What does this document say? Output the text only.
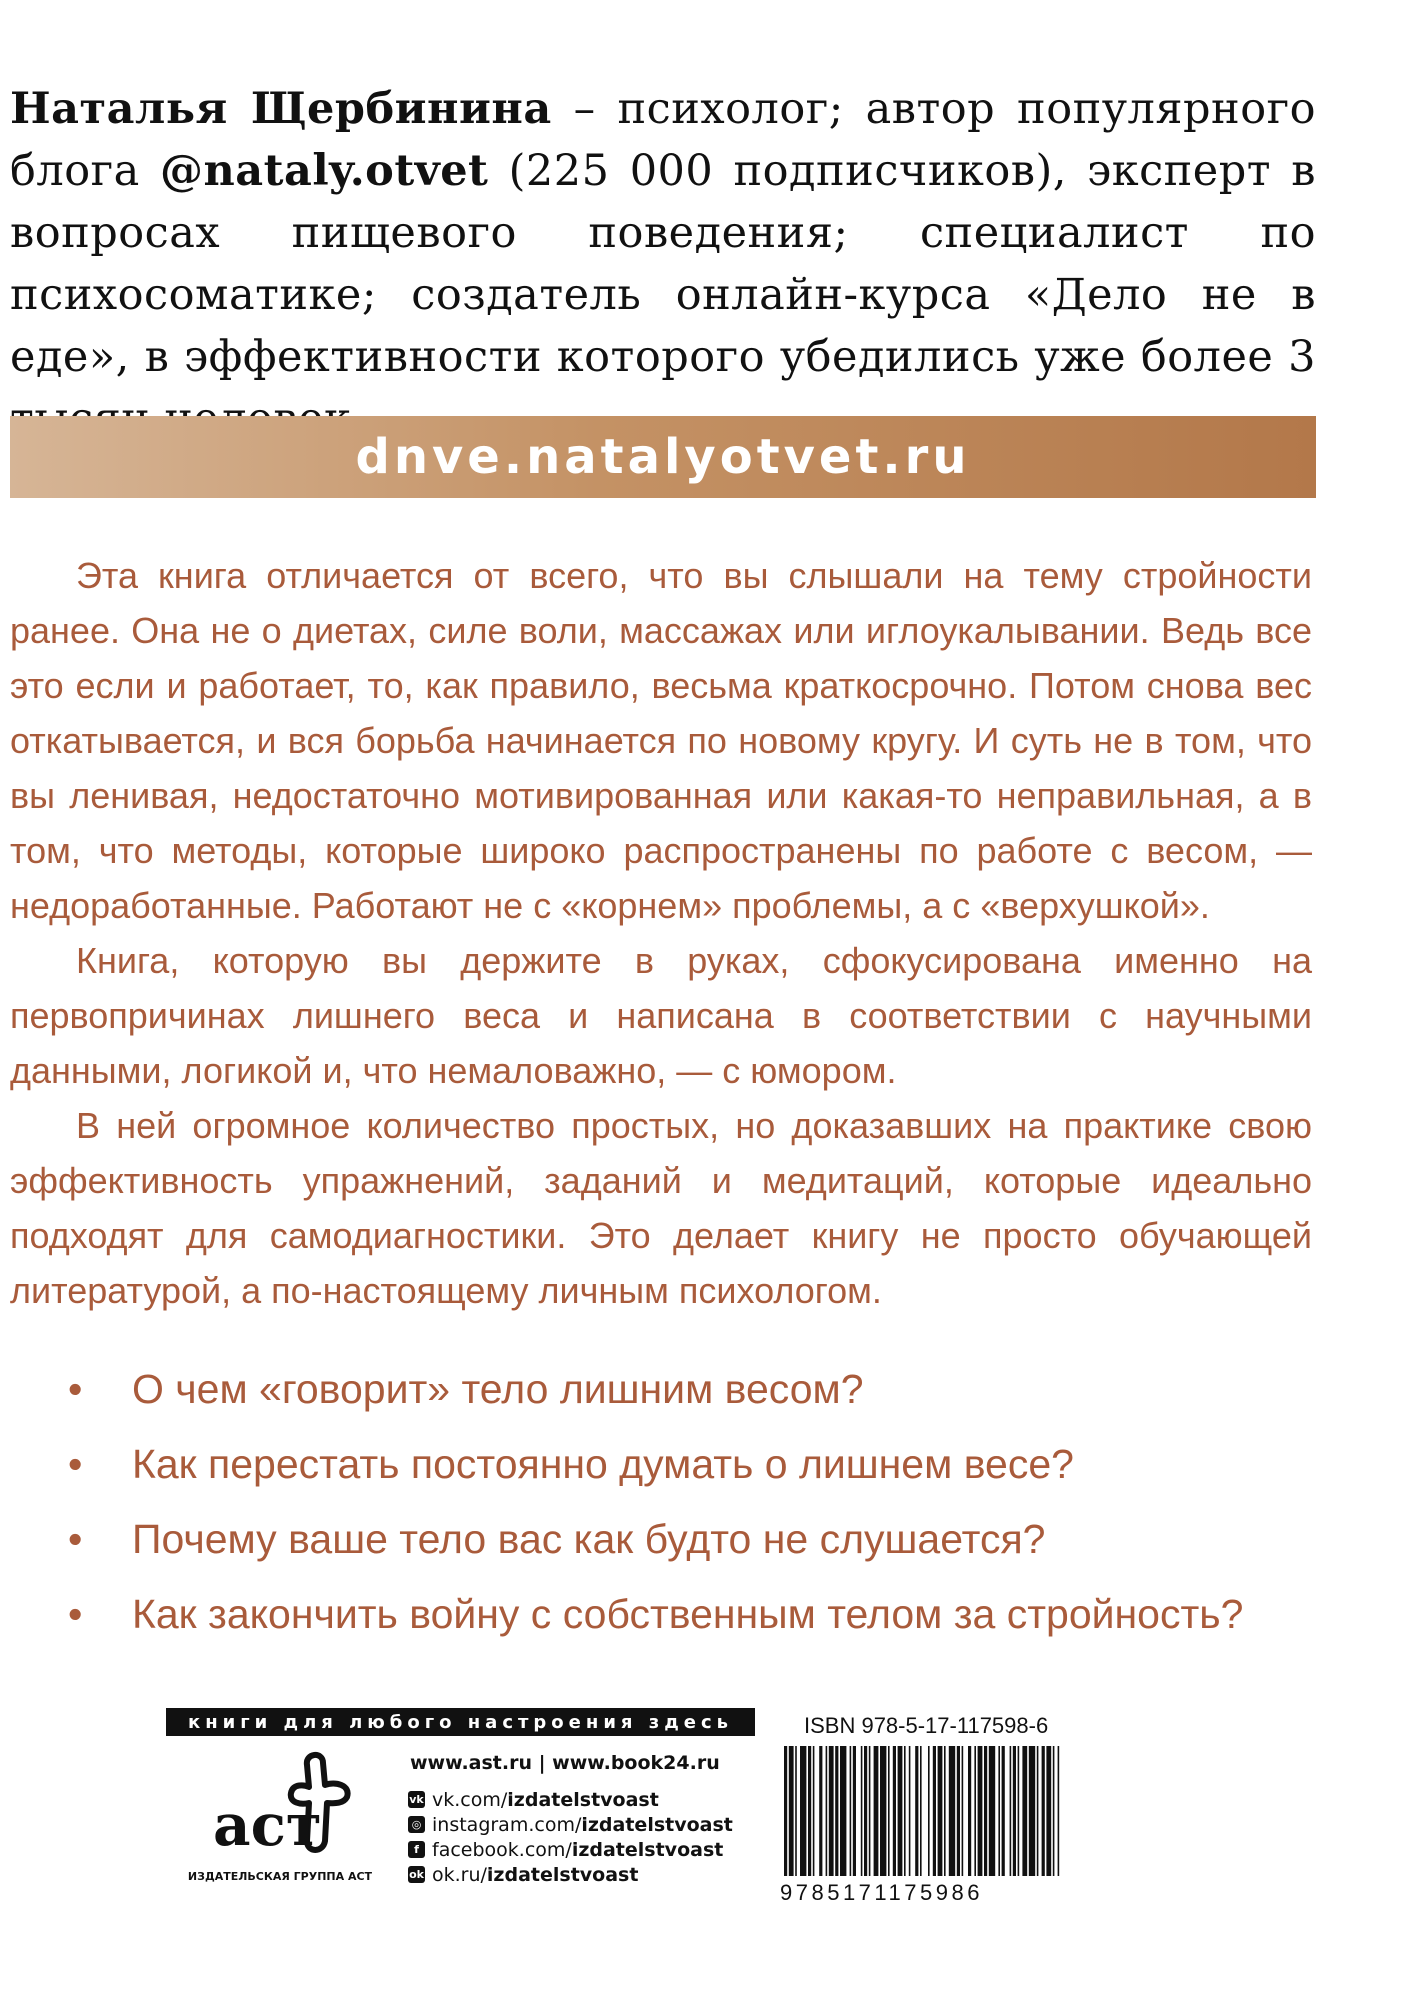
Наталья Щербинина – психолог; автор популярного блога @nataly.otvet (225 000 подписчиков), эксперт в вопросах пищевого поведения; специалист по психосоматике; создатель онлайн-курса «Дело не в еде», в эффективности которого убедились уже более 3
dnve.natalyotvet.ru

Эта книга отличается от всего, что вы слышали на тему стройности ранее. Она не о диетах, силе воли, массажах или иглоукалывании. Ведь все это если и работает, то, как правило, весьма краткосрочно. Потом снова вес откатывается, и вся борьба начинается по новому кругу. И суть не в том, что вы ленивая, недостаточно мотивированная или какая-то неправильная, а в том, что методы, которые широко распространены по работе с весом, — недоработанные. Работают не с «корнем» проблемы, а с «верхушкой».

Книга, которую вы держите в руках, сфокусирована именно на первопричинах лишнего веса и написана в соответствии с научными данными, логикой и, что немаловажно, — с юмором.

В ней огромное количество простых, но доказавших на практике свою эффективность упражнений, заданий и медитаций, которые идеально подходят для самодиагностики. Это делает книгу не просто обучающей литературой, а по-настоящему личным психологом.

•	О чем «говорит» тело лишним весом?
•	Как перестать постоянно думать о лишнем весе?
•	Почему ваше тело вас как будто не слушается?
•	Как закончить войну с собственным телом за стройность?
книги для любого настроения здесь
аст
ИЗДАТЕЛЬСКАЯ ГРУППА АСТ
www.ast.ru | www.book24.ru
vk vk.com/ izdatelstvoast
◎ instagram.com/ izdatelstvoast
f facebook.com/ izdatelstvoast
ok ok.ru/ izdatelstvoast
ISBN 978-5-17-117598-6
9785171175986
